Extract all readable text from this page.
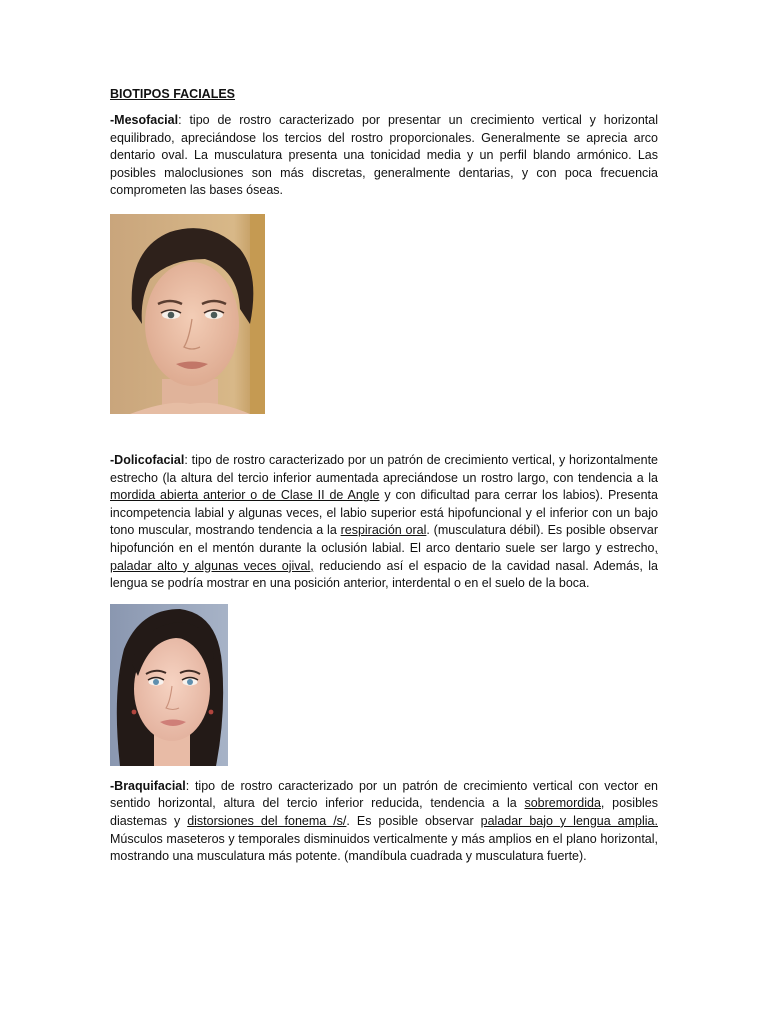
BIOTIPOS FACIALES

-Mesofacial: tipo de rostro caracterizado por presentar un crecimiento vertical y horizontal equilibrado, apreciándose los tercios del rostro proporcionales. Generalmente se aprecia arco dentario oval. La musculatura presenta una tonicidad media y un perfil blando armónico. Las posibles maloclusiones son más discretas, generalmente dentarias, y con poca frecuencia comprometen las bases óseas.

-Dolicofacial: tipo de rostro caracterizado por un patrón de crecimiento vertical, y horizontalmente estrecho (la altura del tercio inferior aumentada apreciándose un rostro largo, con tendencia a la mordida abierta anterior o de Clase II de Angle y con dificultad para cerrar los labios). Presenta incompetencia labial y algunas veces, el labio superior está hipofuncional y el inferior con un bajo tono muscular, mostrando tendencia a la respiración oral. (musculatura débil). Es posible observar hipofunción en el mentón durante la oclusión labial. El arco dentario suele ser largo y estrecho, paladar alto y algunas veces ojival, reduciendo así el espacio de la cavidad nasal. Además, la lengua se podría mostrar en una posición anterior, interdental o en el suelo de la boca.

-Braquifacial: tipo de rostro caracterizado por un patrón de crecimiento vertical con vector en sentido horizontal, altura del tercio inferior reducida, tendencia a la sobremordida, posibles diastemas y distorsiones del fonema /s/. Es posible observar paladar bajo y lengua amplia. Músculos maseteros y temporales disminuidos verticalmente y más amplios en el plano horizontal, mostrando una musculatura más potente. (mandíbula cuadrada y musculatura fuerte).
